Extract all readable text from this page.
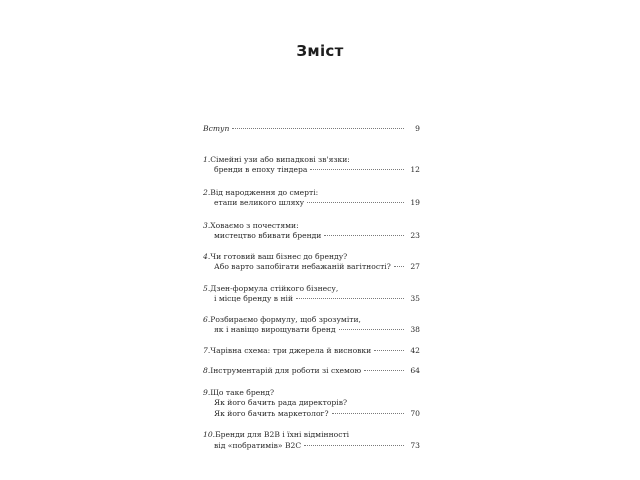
Зміст
Вступ	9
1. Сімейні узи або випадкові зв'язки:
бренди в епоху тіндера	12
2. Від народження до смерті:
етапи великого шляху	19
3. Ховаємо з почестями:
мистецтво вбивати бренди	23
4. Чи готовий ваш бізнес до бренду?
Або варто запобігати небажаній вагітності?	27
5. Дзен-формула стійкого бізнесу,
і місце бренду в ній	35
6. Розбираємо формулу, щоб зрозуміти,
як і навіщо вирощувати бренд	38
7. Чарівна схема: три джерела й висновки	42
8. Інструментарій для роботи зі схемою	64
9. Що таке бренд?
Як його бачить рада директорів?
Як його бачить маркетолог?	70
10. Бренди для B2B і їхні відмінності
від «побратимів» B2C	73
